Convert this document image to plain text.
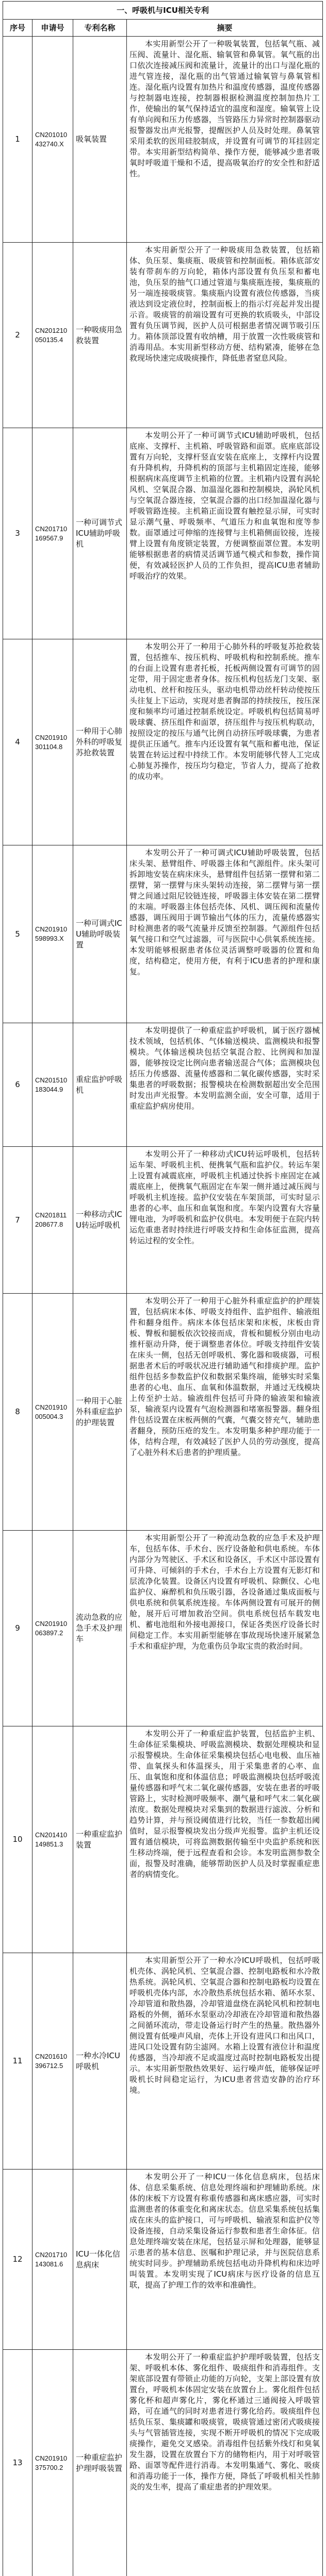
一、呼吸机与ICU相关专利			
序号	申请号	专利名称	摘要
1	CN201010432740.X	吸氧装置	本实用新型公开了一种吸氧装置，包括氧气瓶、减压阀、流量计、湿化瓶、输氧管和鼻氧管。氧气瓶的出口依次连接减压阀和流量计，流量计的出口与湿化瓶的进气管连接，湿化瓶的出气管通过输氧管与鼻氧管相连。湿化瓶内设置有加热片和温度传感器，温度传感器与控制器电连接，控制器根据检测温度控制加热片工作，使输出的氧气保持适宜的温度和湿度。输氧管上设有单向阀和压力传感器，当管路压力异常时控制器驱动报警器发出声光报警，提醒医护人员及时处理。鼻氧管采用柔软的医用硅胶制成，并设置有可调节的耳挂固定带。本实用新型结构简单、操作方便，能够减少患者吸氧时呼吸道干燥和不适，提高吸氧治疗的安全性和舒适性。

2	CN201210050135.4	一种吸痰用急救装置	本实用新型公开了一种吸痰用急救装置，包括箱体、负压泵、集痰瓶、吸痰管和控制面板。箱体底部安装有带刹车的万向轮，箱体内部设置有负压泵和蓄电池，负压泵的抽气口通过管道与集痰瓶连接，集痰瓶的另一端连接吸痰管。集痰瓶内设置有液位传感器，当痰液达到设定液位时，控制面板上的指示灯亮起并发出提示音。吸痰管的前端设置有可更换的软质吸头，中部设置有负压调节阀，医护人员可根据患者情况调节吸引压力。箱体顶部设置有收纳槽，用于放置一次性吸痰管和消毒用品。本实用新型移动方便、结构紧凑，能够在急救现场快速完成吸痰操作，降低患者窒息风险。

3	CN201710169567.9	一种可调节式ICU辅助呼吸机	本发明公开了一种可调节式ICU辅助呼吸机，包括底座、支撑杆、主机箱、呼吸管路和面罩。底座底部设置有万向轮，支撑杆竖直安装在底座上，支撑杆内设置有升降机构，升降机构的顶部与主机箱固定连接，能够根据病床高度调节主机箱的位置。主机箱内设置有涡轮风机、空氧混合器、加温湿化器和控制模块，涡轮风机与空氧混合器连接，空氧混合器的出口经加温湿化器与呼吸管路连接。主机箱正面设置有触控显示屏，可实时显示潮气量、呼吸频率、气道压力和血氧饱和度等参数。面罩通过可伸缩的连接臂与主机箱侧面铰接，连接臂上设置有角度锁定装置，方便调整面罩位置。本发明能够根据患者的病情灵活调节通气模式和参数，操作简便，有效减轻医护人员的工作负担，提高ICU患者辅助呼吸治疗的效果。

4	CN201910301104.8	一种用于心肺外科的呼吸复苏抢救装置	本发明公开了一种用于心肺外科的呼吸复苏抢救装置，包括推车、按压机构、呼吸机构和控制系统。推车的台面上设置有患者托板，托板两侧设置有可调节的固定带，用于固定患者身体。按压机构包括龙门支架、驱动电机、丝杆和按压头，驱动电机带动丝杆转动使按压头往复上下运动，实现对患者胸部的持续按压，按压深度和频率均可通过控制系统设定。呼吸机构包括简易呼吸球囊、挤压组件和面罩，挤压组件与按压机构联动，按照设定的按压与通气比例自动挤压呼吸球囊，为患者提供正压通气。推车内还设置有氧气瓶和蓄电池，保证装置在转运过程中持续工作。本发明能够代替人工完成心肺复苏操作，按压均匀稳定，节省人力，提高了抢救的成功率。

5	CN201910598993.X	一种可调式ICU辅助呼吸装置	本发明公开了一种可调式ICU辅助呼吸装置，包括床头架、悬臂组件、呼吸器主体和气源组件。床头架可拆卸地安装在病床床头，悬臂组件包括第一摆臂和第二摆臂，第一摆臂与床头架转动连接，第二摆臂与第一摆臂之间通过阻尼铰链连接，呼吸器主体安装在第二摆臂的末端。呼吸器主体包括壳体、风机、调压阀和流量传感器，调压阀用于调节输出气体的压力，流量传感器实时检测患者的吸气流量并反馈至控制器。气源组件包括氧气接口和空气过滤器，可与医院中心供氧系统连接。本发明能够根据患者体位灵活调整呼吸器的位置和角度，结构稳定，使用方便，有利于ICU患者的护理和康复。

6	CN201510183044.9	重症监护呼吸机	本发明提供了一种重症监护呼吸机，属于医疗器械技术领域，包括机体、气体输送模块、监测模块和报警模块。气体输送模块包括空氧混合腔、比例阀和加湿器，能够按设定比例向患者输送混合气体；监测模块包括压力传感器、流量传感器和二氧化碳传感器，实时采集患者的呼吸数据；报警模块在检测数据超出安全范围时发出声光报警。本发明监测全面，安全可靠，适用于重症监护病房使用。

7	CN201811208677.8	一种移动式ICU转运呼吸机	本发明公开了一种移动式ICU转运呼吸机，包括转运车架、呼吸机主机、便携氧气瓶和监护仪。转运车架上设置有减震底座，呼吸机主机通过快拆卡座固定在减震底座上，便携氧气瓶固定在车架一侧并通过减压阀与呼吸机主机连接。监护仪安装在车架顶部，可实时显示患者的心率、血压和血氧饱和度。车架内设置有大容量锂电池，为呼吸机和监护仪供电。本发明便于在院内转运危重患者时持续进行呼吸支持和生命体征监测，提高转运过程的安全性。

8	CN201910005004.3	一种用于心脏外科重症监护的护理装置	本发明公开了一种用于心脏外科重症监护的护理装置，包括病床本体、呼吸支持组件、监护组件、输液组件和翻身组件。病床本体包括床架和床板，床板由背板、臀板和腿板依次铰接而成，背板和腿板分别由电动推杆驱动升降，便于调整患者体位。呼吸支持组件安装在床头一侧，包括无创呼吸机、雾化器和吸痰器，可根据患者术后的呼吸状况进行辅助通气和排痰护理。监护组件包括多参数监护仪和数据采集终端，能够实时采集患者的心电、血压、血氧和体温数据，并通过无线模块上传至护士站。输液组件包括可升降的输液架和输液泵，输液泵内设置有气泡检测器和堵塞报警器。翻身组件包括设置在床板两侧的气囊，气囊交替充气，辅助患者翻身，预防压疮的发生。本发明集多种护理功能于一体，结构合理，有效减轻了医护人员的劳动强度，提高了心脏外科术后患者的护理质量。

9	CN201910063897.2	流动急救的应急手术及护理车	本实用新型公开了一种流动急救的应急手术及护理车，包括车体、手术台、医疗设备舱和供电系统。车体内部分为驾驶区、手术区和设备区，手术区中部设置有可升降、可倾斜的手术台，手术台上方设置有无影灯和层流净化装置。设备区内设置有呼吸机、除颤仪、心电监护仪、麻醉机和负压吸引器，各设备通过集成面板与供电系统和供氧系统连接。车体两侧设置有可展开的侧舱，展开后可增加救治空间。供电系统包括车载发电机、蓄电池组和外接电源接口，保证各类医疗设备长时间稳定工作。本实用新型能够在事故现场快速开展紧急手术和重症护理，为危重伤员争取宝贵的救治时间。

10	CN201410149851.3	一种重症监护装置	本发明公开了一种重症监护装置，包括监护主机、生命体征采集模块、呼吸监测模块、数据处理模块和显示报警模块。生命体征采集模块包括心电电极、血压袖带、血氧探头和体温探头，用于采集患者的心率、血压、血氧饱和度和体温信息；呼吸监测模块包括呼吸流量传感器和呼气末二氧化碳传感器，安装在患者的呼吸管路上，实时检测呼吸频率、潮气量和呼气末二氧化碳浓度。数据处理模块对采集到的数据进行滤波、分析和趋势计算，并与预设阈值进行比较，当任一参数超出阈值时，显示报警模块发出分级声光报警。监护主机还设置有通信模块，可将监测数据传输至中央监护系统和医生移动终端，便于远程查看和会诊。本发明监测参数全面，报警及时准确，能够帮助医护人员及时掌握重症患者的病情变化。

11	CN201610396712.5	一种水冷ICU呼吸机	本实用新型公开了一种水冷ICU呼吸机，包括呼吸机壳体、涡轮风机、空氧混合器、控制电路板和水冷散热系统。涡轮风机、空氧混合器和控制电路板均设置在呼吸机壳体内部，水冷散热系统包括水箱、循环水泵、冷却管道和散热器，冷却管道盘绕在涡轮风机和控制电路板的外侧，循环水泵驱动冷却液在冷却管道和散热器之间循环流动，带走设备运行时产生的热量。散热器外侧设置有低噪声风扇，壳体上开设有进风口和出风口，进风口处设置有防尘滤网。水箱上设置有液位计和温度传感器，当冷却液不足或温度过高时控制电路板发出提示。本实用新型散热效果好、运行噪声低，能够保证呼吸机长时间稳定运行，为ICU患者营造安静的治疗环境。

12	CN201710143081.6	ICU一体化信息病床	本发明公开了一种ICU一体化信息病床，包括床体、信息采集系统、信息处理终端和护理辅助系统。床体的床板下方设置有称重传感器和离床感应器，可实时监测患者的体重变化和离床状态。信息采集系统包括集成在床头的监护接口，可与呼吸机、输液泵和监护仪等设备连接，自动采集设备运行参数和患者生命体征。信息处理终端安装在床尾，包括显示屏和处理器，能够显示患者的基本信息、医嘱和护理记录，并与医院信息系统实时同步。护理辅助系统包括电动升降机构和床边呼叫装置。本发明实现了ICU病床与医疗设备的信息互联，提高了护理工作的效率和准确性。

13	CN201910375700.2	一种重症监护护理呼吸装置	本发明公开了一种重症监护护理呼吸装置，包括支架、呼吸机本体、雾化组件、吸痰组件和消毒组件。支架底部设置有带锁止功能的万向轮，支架上部设置有放置台，呼吸机本体固定安装在放置台上。雾化组件包括雾化杯和超声雾化片，雾化杯通过三通阀接入呼吸管路，可在通气的同时对患者进行雾化给药。吸痰组件包括负压泵、集痰罐和吸痰管，吸痰管通过密闭式吸痰接头与气管插管连接，实现不断开呼吸机的情况下完成吸痰操作，避免交叉感染。消毒组件包括紫外线灯和臭氧发生器，设置在放置台下方的储物柜内，用于对呼吸管路、面罩等配件进行消毒。本发明集通气、雾化、吸痰和消毒功能于一体，操作方便，降低了呼吸机相关性肺炎的发生率，提高了重症患者的护理效果。
